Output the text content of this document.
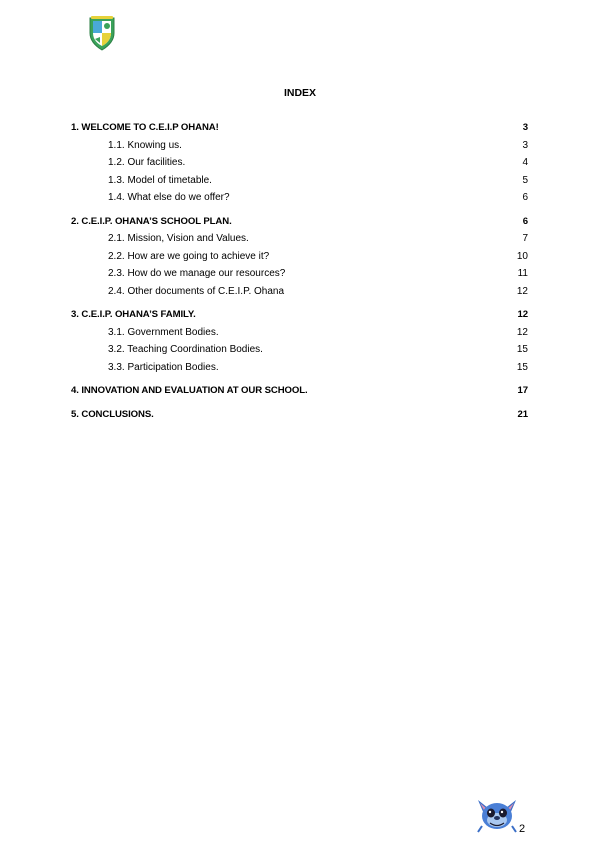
INDEX
1. WELCOME TO C.E.I.P OHANA!	3
1.1. Knowing us.	3
1.2. Our facilities.	4
1.3. Model of timetable.	5
1.4. What else do we offer?	6
2. C.E.I.P. OHANA’S SCHOOL PLAN.	6
2.1. Mission, Vision and Values.	7
2.2. How are we going to achieve it?	10
2.3. How do we manage our resources?	11
2.4. Other documents of C.E.I.P. Ohana	12
3. C.E.I.P. OHANA’S FAMILY.	12
3.1. Government Bodies.	12
3.2. Teaching Coordination Bodies.	15
3.3. Participation Bodies.	15
4. INNOVATION AND EVALUATION AT OUR SCHOOL.	17
5. CONCLUSIONS.	21
2
